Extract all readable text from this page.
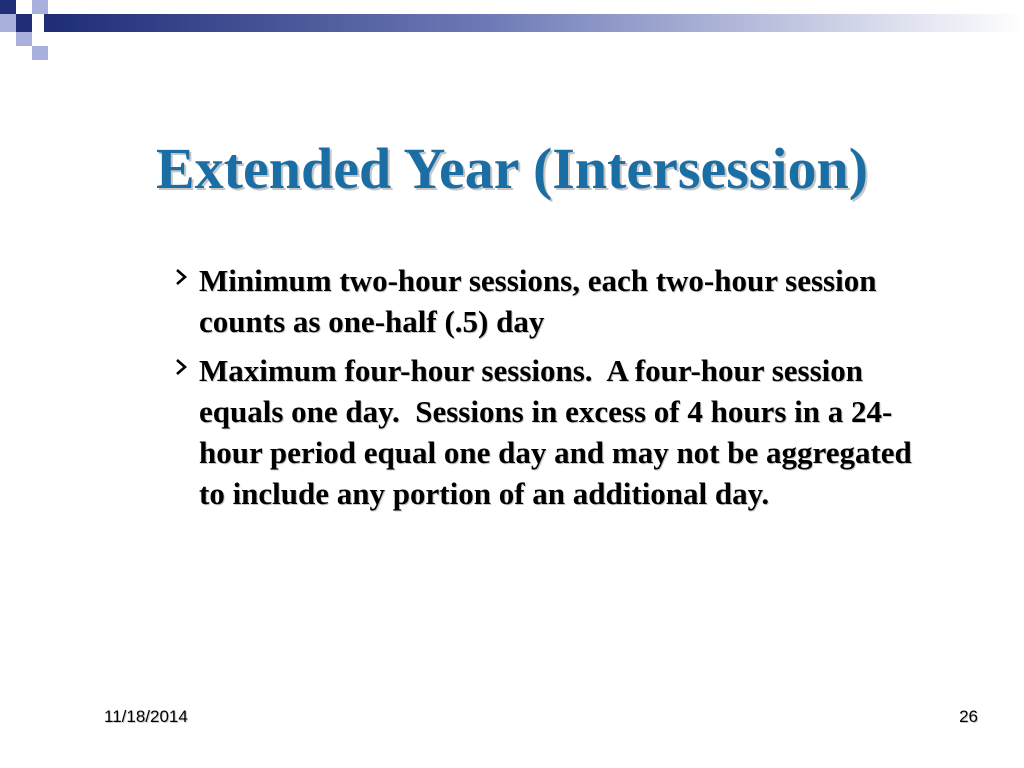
Extended Year (Intersession)
Minimum two-hour sessions, each two-hour session
counts as one-half (.5) day
Maximum four-hour sessions.  A four-hour session
equals one day.  Sessions in excess of 4 hours in a 24-
hour period equal one day and may not be aggregated
to include any portion of an additional day.
11/18/2014	26
